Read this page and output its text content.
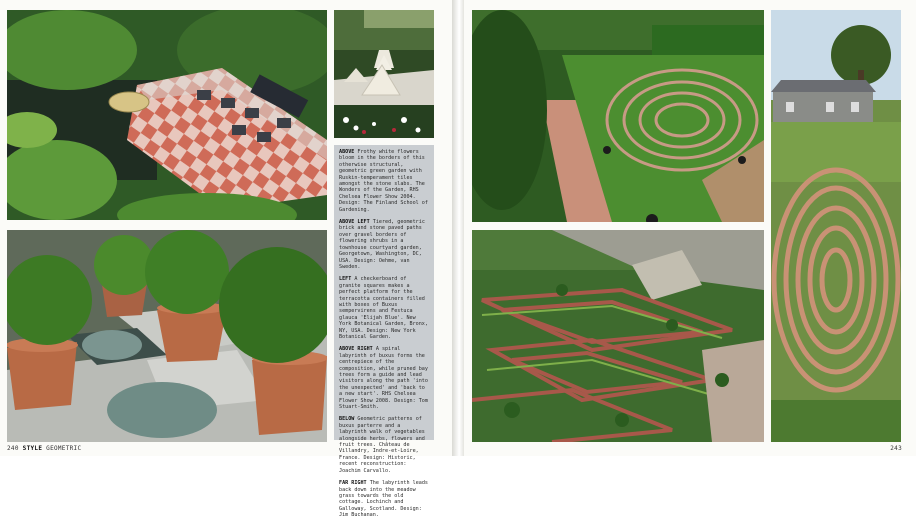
ABOVE Frothy white flowers bloom in the borders of this otherwise structural, geometric green garden with Ruskin-temperament tiles amongst the stone slabs. The Wonders of the Garden, RHS Chelsea Flower Show 2004. Design: The Finland School of Gardening.

ABOVE LEFT Tiered, geometric brick and stone paved paths over gravel borders of flowering shrubs in a townhouse courtyard garden, Georgetown, Washington, DC, USA. Design: Oehme, van Sweden.

LEFT A checkerboard of granite squares makes a perfect platform for the terracotta containers filled with boxes of Buxus sempervirens and Festuca glauca 'Elijah Blue'. New York Botanical Garden, Bronx, NY, USA. Design: New York Botanical Garden.

ABOVE RIGHT A spiral labyrinth of buxus forms the centrepiece of the composition, while pruned bay trees form a guide and lead visitors along the path 'into the unexpected' and 'back to a new start'. RHS Chelsea Flower Show 2008. Design: Tom Stuart-Smith.

BELOW Geometric patterns of buxus parterre and a labyrinth walk of vegetables alongside herbs, flowers and fruit trees. Château de Villandry, Indre-et-Loire, France. Design: Historic, recent reconstruction: Joachim Carvallo.

FAR RIGHT The labyrinth leads back down into the meadow grass towards the old cottage. Lochinch and Galloway, Scotland. Design: Jim Buchanan.

240 STYLE GEOMETRIC	243
